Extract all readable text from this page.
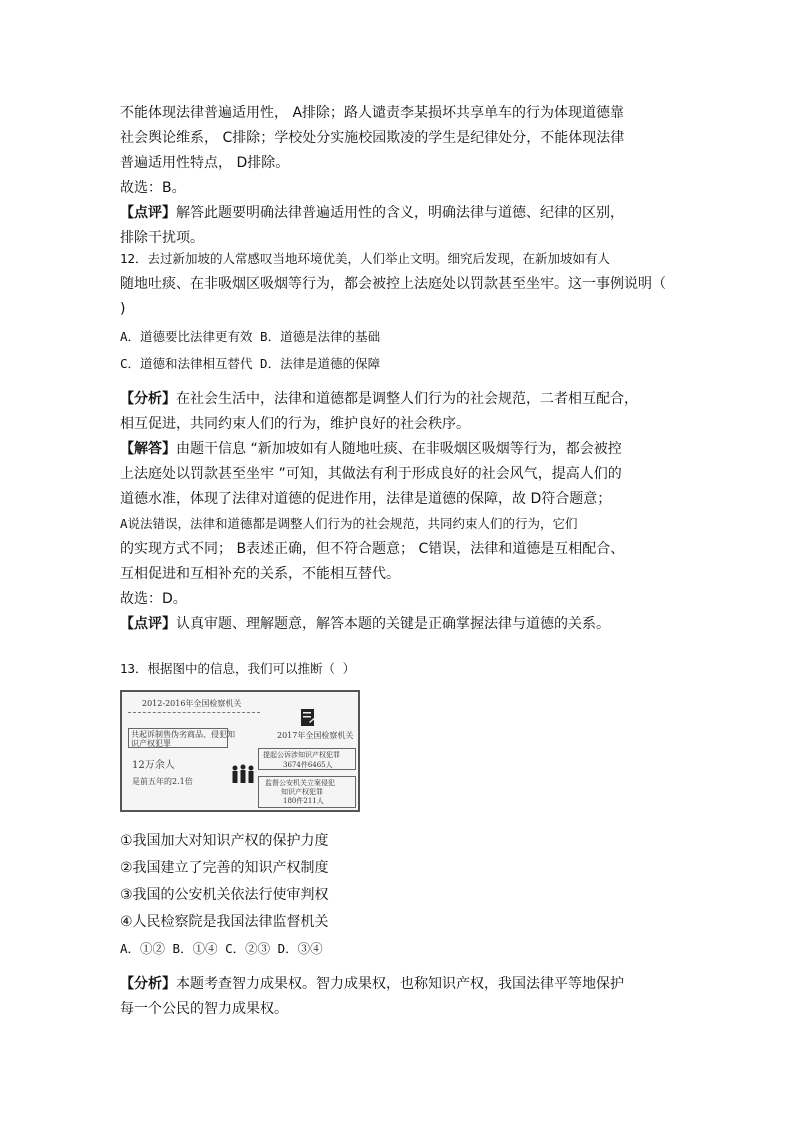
不能体现法律普遍适用性， A排除；路人谴责李某损坏共享单车的行为体现道德靠
社会舆论维系， C排除；学校处分实施校园欺凌的学生是纪律处分，不能体现法律
普遍适用性特点， D排除。
故选：B。
【点评】解答此题要明确法律普遍适用性的含义，明确法律与道德、纪律的区别，
排除干扰项。
12．去过新加坡的人常感叹当地环境优美，人们举止文明。细究后发现，在新加坡如有人
随地吐痰、在非吸烟区吸烟等行为，都会被控上法庭处以罚款甚至坐牢。这一事例说明（
)
A．道德要比法律更有效 B．道德是法律的基础
C．道德和法律相互替代 D．法律是道德的保障
【分析】在社会生活中，法律和道德都是调整人们行为的社会规范，二者相互配合，
相互促进，共同约束人们的行为，维护良好的社会秩序。
【解答】由题干信息 “新加坡如有人随地吐痰、在非吸烟区吸烟等行为，都会被控
上法庭处以罚款甚至坐牢 ”可知，其做法有利于形成良好的社会风气，提高人们的
道德水准，体现了法律对道德的促进作用，法律是道德的保障，故 D符合题意；
A说法错误，法律和道德都是调整人们行为的社会规范，共同约束人们的行为，它们
的实现方式不同； B表述正确，但不符合题意； C错误，法律和道德是互相配合、
互相促进和互相补充的关系，不能相互替代。
故选：D。
【点评】认真审题、理解题意，解答本题的关键是正确掌握法律与道德的关系。
13．根据图中的信息，我们可以推断（ ）
①我国加大对知识产权的保护力度
②我国建立了完善的知识产权制度
③我国的公安机关依法行使审判权
④人民检察院是我国法律监督机关
A．①② B．①④ C．②③ D．③④
【分析】本题考查智力成果权。智力成果权，也称知识产权，我国法律平等地保护
每一个公民的智力成果权。
2012-2016年全国检察机关
共起诉制售伪劣商品、侵犯知
识产权犯罪
12万余人
是前五年的2.1倍
2017年全国检察机关
提起公诉涉知识产权犯罪
3674件6465人
监督公安机关立案侵犯
知识产权犯罪
180件211人
